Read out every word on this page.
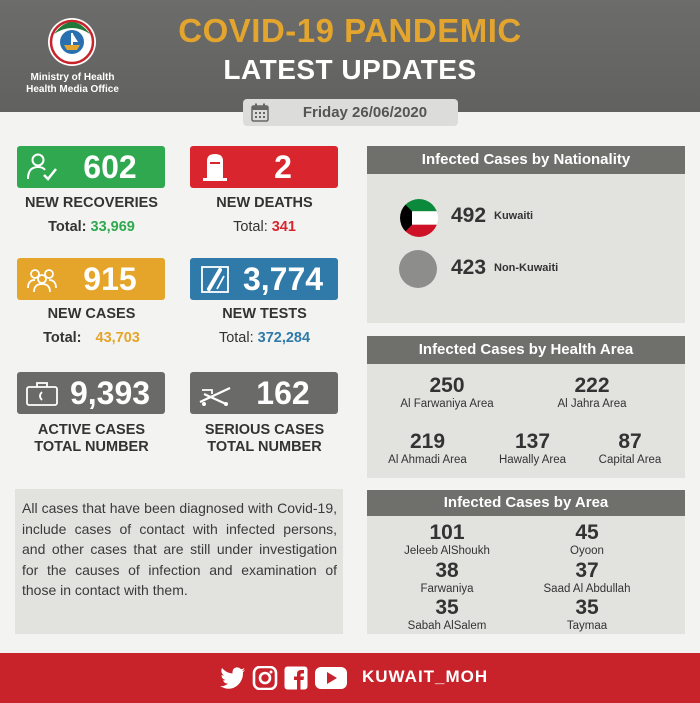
Ministry of Health
Health Media Office
COVID-19 PANDEMIC
LATEST UPDATES
Friday 26/06/2020
602
NEW RECOVERIES
Total: 33,969
2
NEW DEATHS
Total: 341
915
NEW CASES
Total: 43,703
3,774
NEW TESTS
Total: 372,284
9,393
ACTIVE CASES
TOTAL NUMBER
162
SERIOUS CASES
TOTAL NUMBER
All cases that have been diagnosed with Covid-19, include cases of contact with infected persons, and other cases that are still under investigation for the causes of infection and examination of those in contact with them.
Infected Cases by Nationality
492 Kuwaiti
423 Non-Kuwaiti
Infected Cases by Health Area
250
Al Farwaniya Area
222
Al Jahra Area
219
Al Ahmadi Area
137
Hawally Area
87
Capital Area
Infected Cases by Area
101
Jeleeb AlShoukh
45
Oyoon
38
Farwaniya
37
Saad Al Abdullah
35
Sabah AlSalem
35
Taymaa
KUWAIT_MOH
